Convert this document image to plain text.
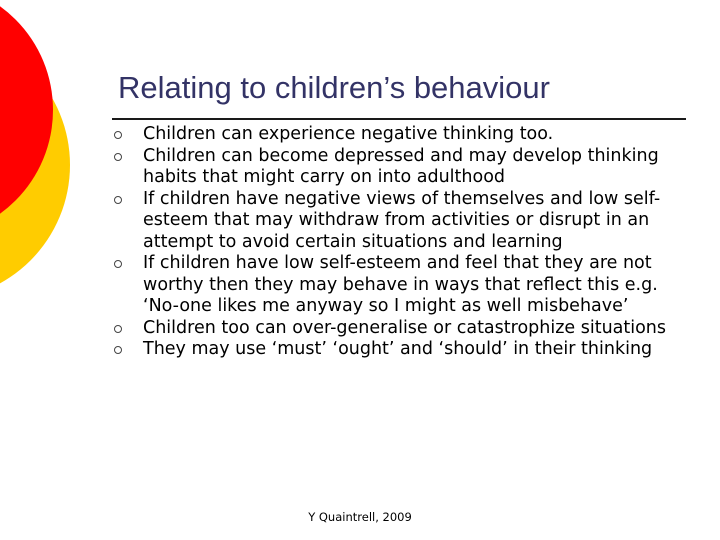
Relating to children’s behaviour
Children can experience negative thinking too.
Children can become depressed and may develop thinking habits that might carry on into adulthood
If children have negative views of themselves and low self-esteem that may withdraw from activities or disrupt in an attempt to avoid certain situations and learning
If children have low self-esteem and feel that they are not worthy then they may behave in ways that reflect this e.g. ‘No-one likes me anyway so I might as well misbehave’
Children too can over-generalise or catastrophize situations
They may use ‘must’ ‘ought’ and ‘should’ in their thinking
Y Quaintrell, 2009
